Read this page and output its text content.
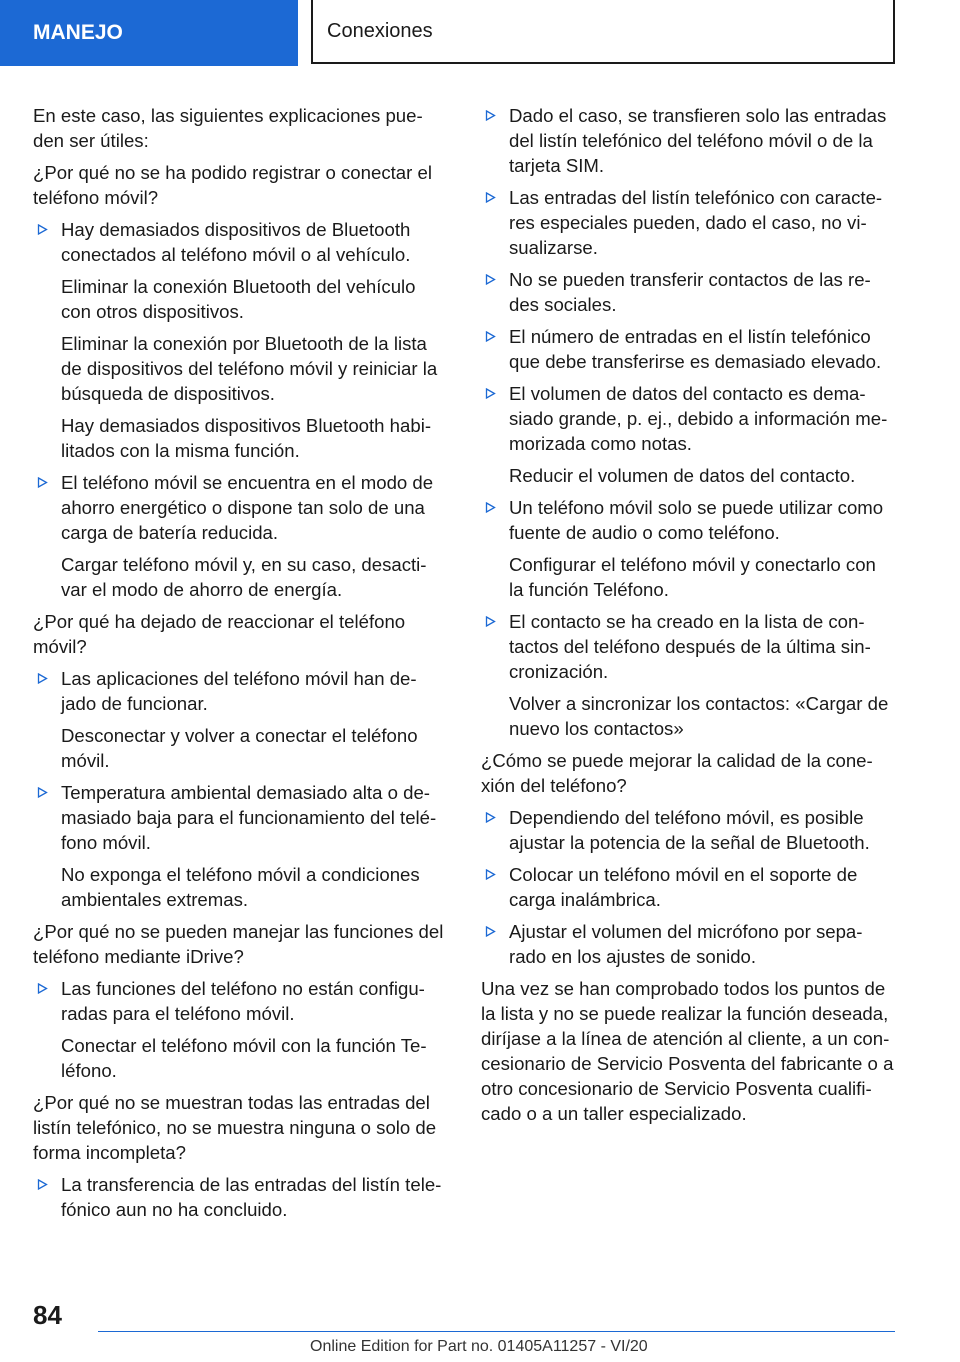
MANEJO	Conexiones

En este caso, las siguientes explicaciones pue- den ser útiles:

¿Por qué no se ha podido registrar o conectar el teléfono móvil?

Hay demasiados dispositivos de Bluetooth conectados al teléfono móvil o al vehículo.
Eliminar la conexión Bluetooth del vehículo con otros dispositivos.
Eliminar la conexión por Bluetooth de la lista de dispositivos del teléfono móvil y reiniciar la búsqueda de dispositivos.
Hay demasiados dispositivos Bluetooth habi- litados con la misma función.
El teléfono móvil se encuentra en el modo de ahorro energético o dispone tan solo de una carga de batería reducida.
Cargar teléfono móvil y, en su caso, desacti- var el modo de ahorro de energía.

¿Por qué ha dejado de reaccionar el teléfono móvil?

Las aplicaciones del teléfono móvil han de- jado de funcionar.
Desconectar y volver a conectar el teléfono móvil.
Temperatura ambiental demasiado alta o de- masiado baja para el funcionamiento del telé- fono móvil.
No exponga el teléfono móvil a condiciones ambientales extremas.

¿Por qué no se pueden manejar las funciones del teléfono mediante iDrive?

Las funciones del teléfono no están configu- radas para el teléfono móvil.
Conectar el teléfono móvil con la función Te- léfono.

¿Por qué no se muestran todas las entradas del listín telefónico, no se muestra ninguna o solo de forma incompleta?

La transferencia de las entradas del listín tele- fónico aun no ha concluido.
Dado el caso, se transfieren solo las entradas del listín telefónico del teléfono móvil o de la tarjeta SIM.
Las entradas del listín telefónico con caracte- res especiales pueden, dado el caso, no vi- sualizarse.
No se pueden transferir contactos de las re- des sociales.
El número de entradas en el listín telefónico que debe transferirse es demasiado elevado.
El volumen de datos del contacto es dema- siado grande, p. ej., debido a información me- morizada como notas.
Reducir el volumen de datos del contacto.
Un teléfono móvil solo se puede utilizar como fuente de audio o como teléfono.
Configurar el teléfono móvil y conectarlo con la función Teléfono.
El contacto se ha creado en la lista de con- tactos del teléfono después de la última sin- cronización.
Volver a sincronizar los contactos: «Cargar de nuevo los contactos»

¿Cómo se puede mejorar la calidad de la cone- xión del teléfono?

Dependiendo del teléfono móvil, es posible ajustar la potencia de la señal de Bluetooth.
Colocar un teléfono móvil en el soporte de carga inalámbrica.
Ajustar el volumen del micrófono por sepa- rado en los ajustes de sonido.

Una vez se han comprobado todos los puntos de la lista y no se puede realizar la función deseada, diríjase a la línea de atención al cliente, a un con- cesionario de Servicio Posventa del fabricante o a otro concesionario de Servicio Posventa cualifi- cado o a un taller especializado.

84
Online Edition for Part no. 01405A11257 - VI/20
